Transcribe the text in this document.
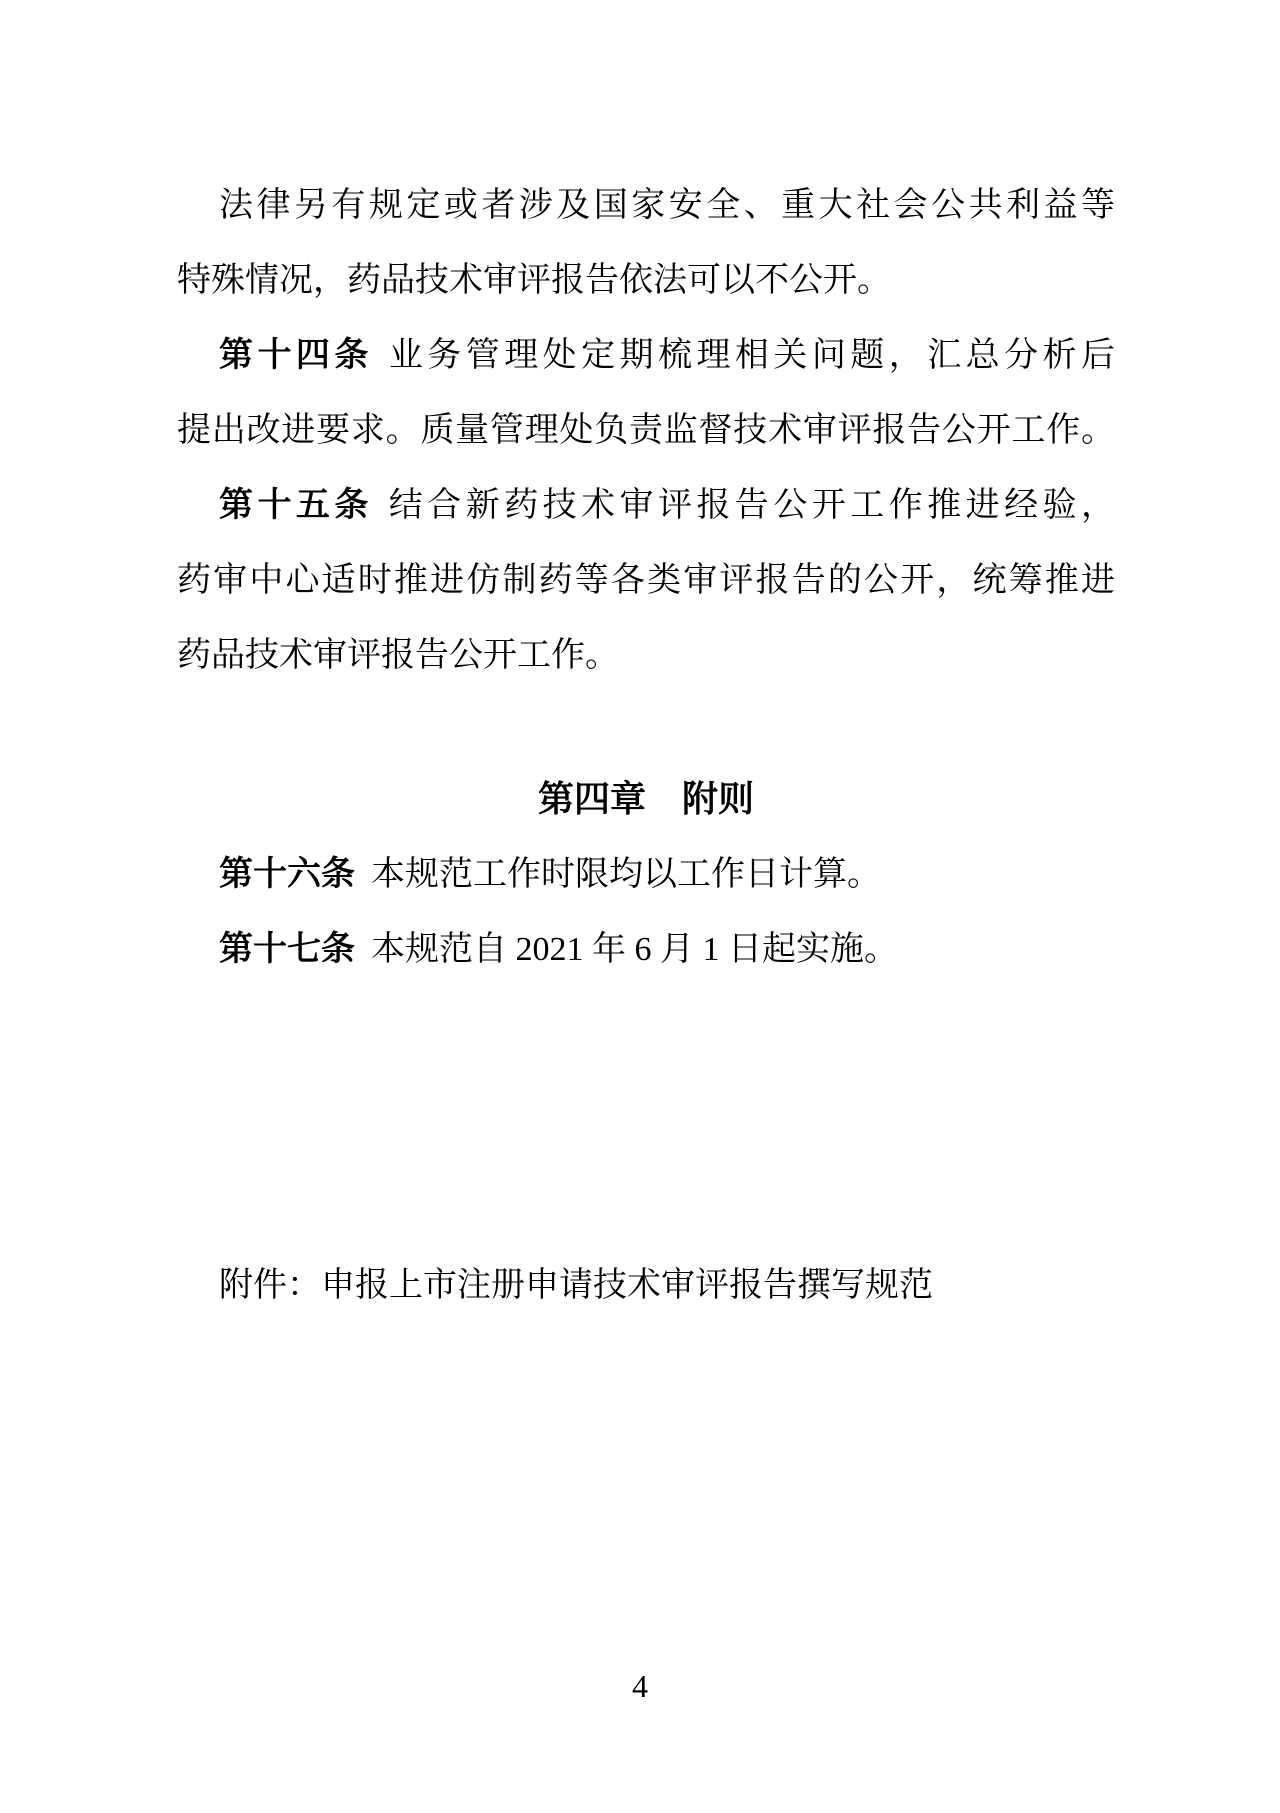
法律另有规定或者涉及国家安全、重大社会公共利益等
特殊情况，药品技术审评报告依法可以不公开。
第十四条 业务管理处定期梳理相关问题，汇总分析后
提出改进要求。质量管理处负责监督技术审评报告公开工作。
第十五条 结合新药技术审评报告公开工作推进经验，
药审中心适时推进仿制药等各类审评报告的公开，统筹推进
药品技术审评报告公开工作。
第四章　附则
第十六条 本规范工作时限均以工作日计算。
第十七条 本规范自 2021 年 6 月 1 日起实施。
附件：申报上市注册申请技术审评报告撰写规范
4
